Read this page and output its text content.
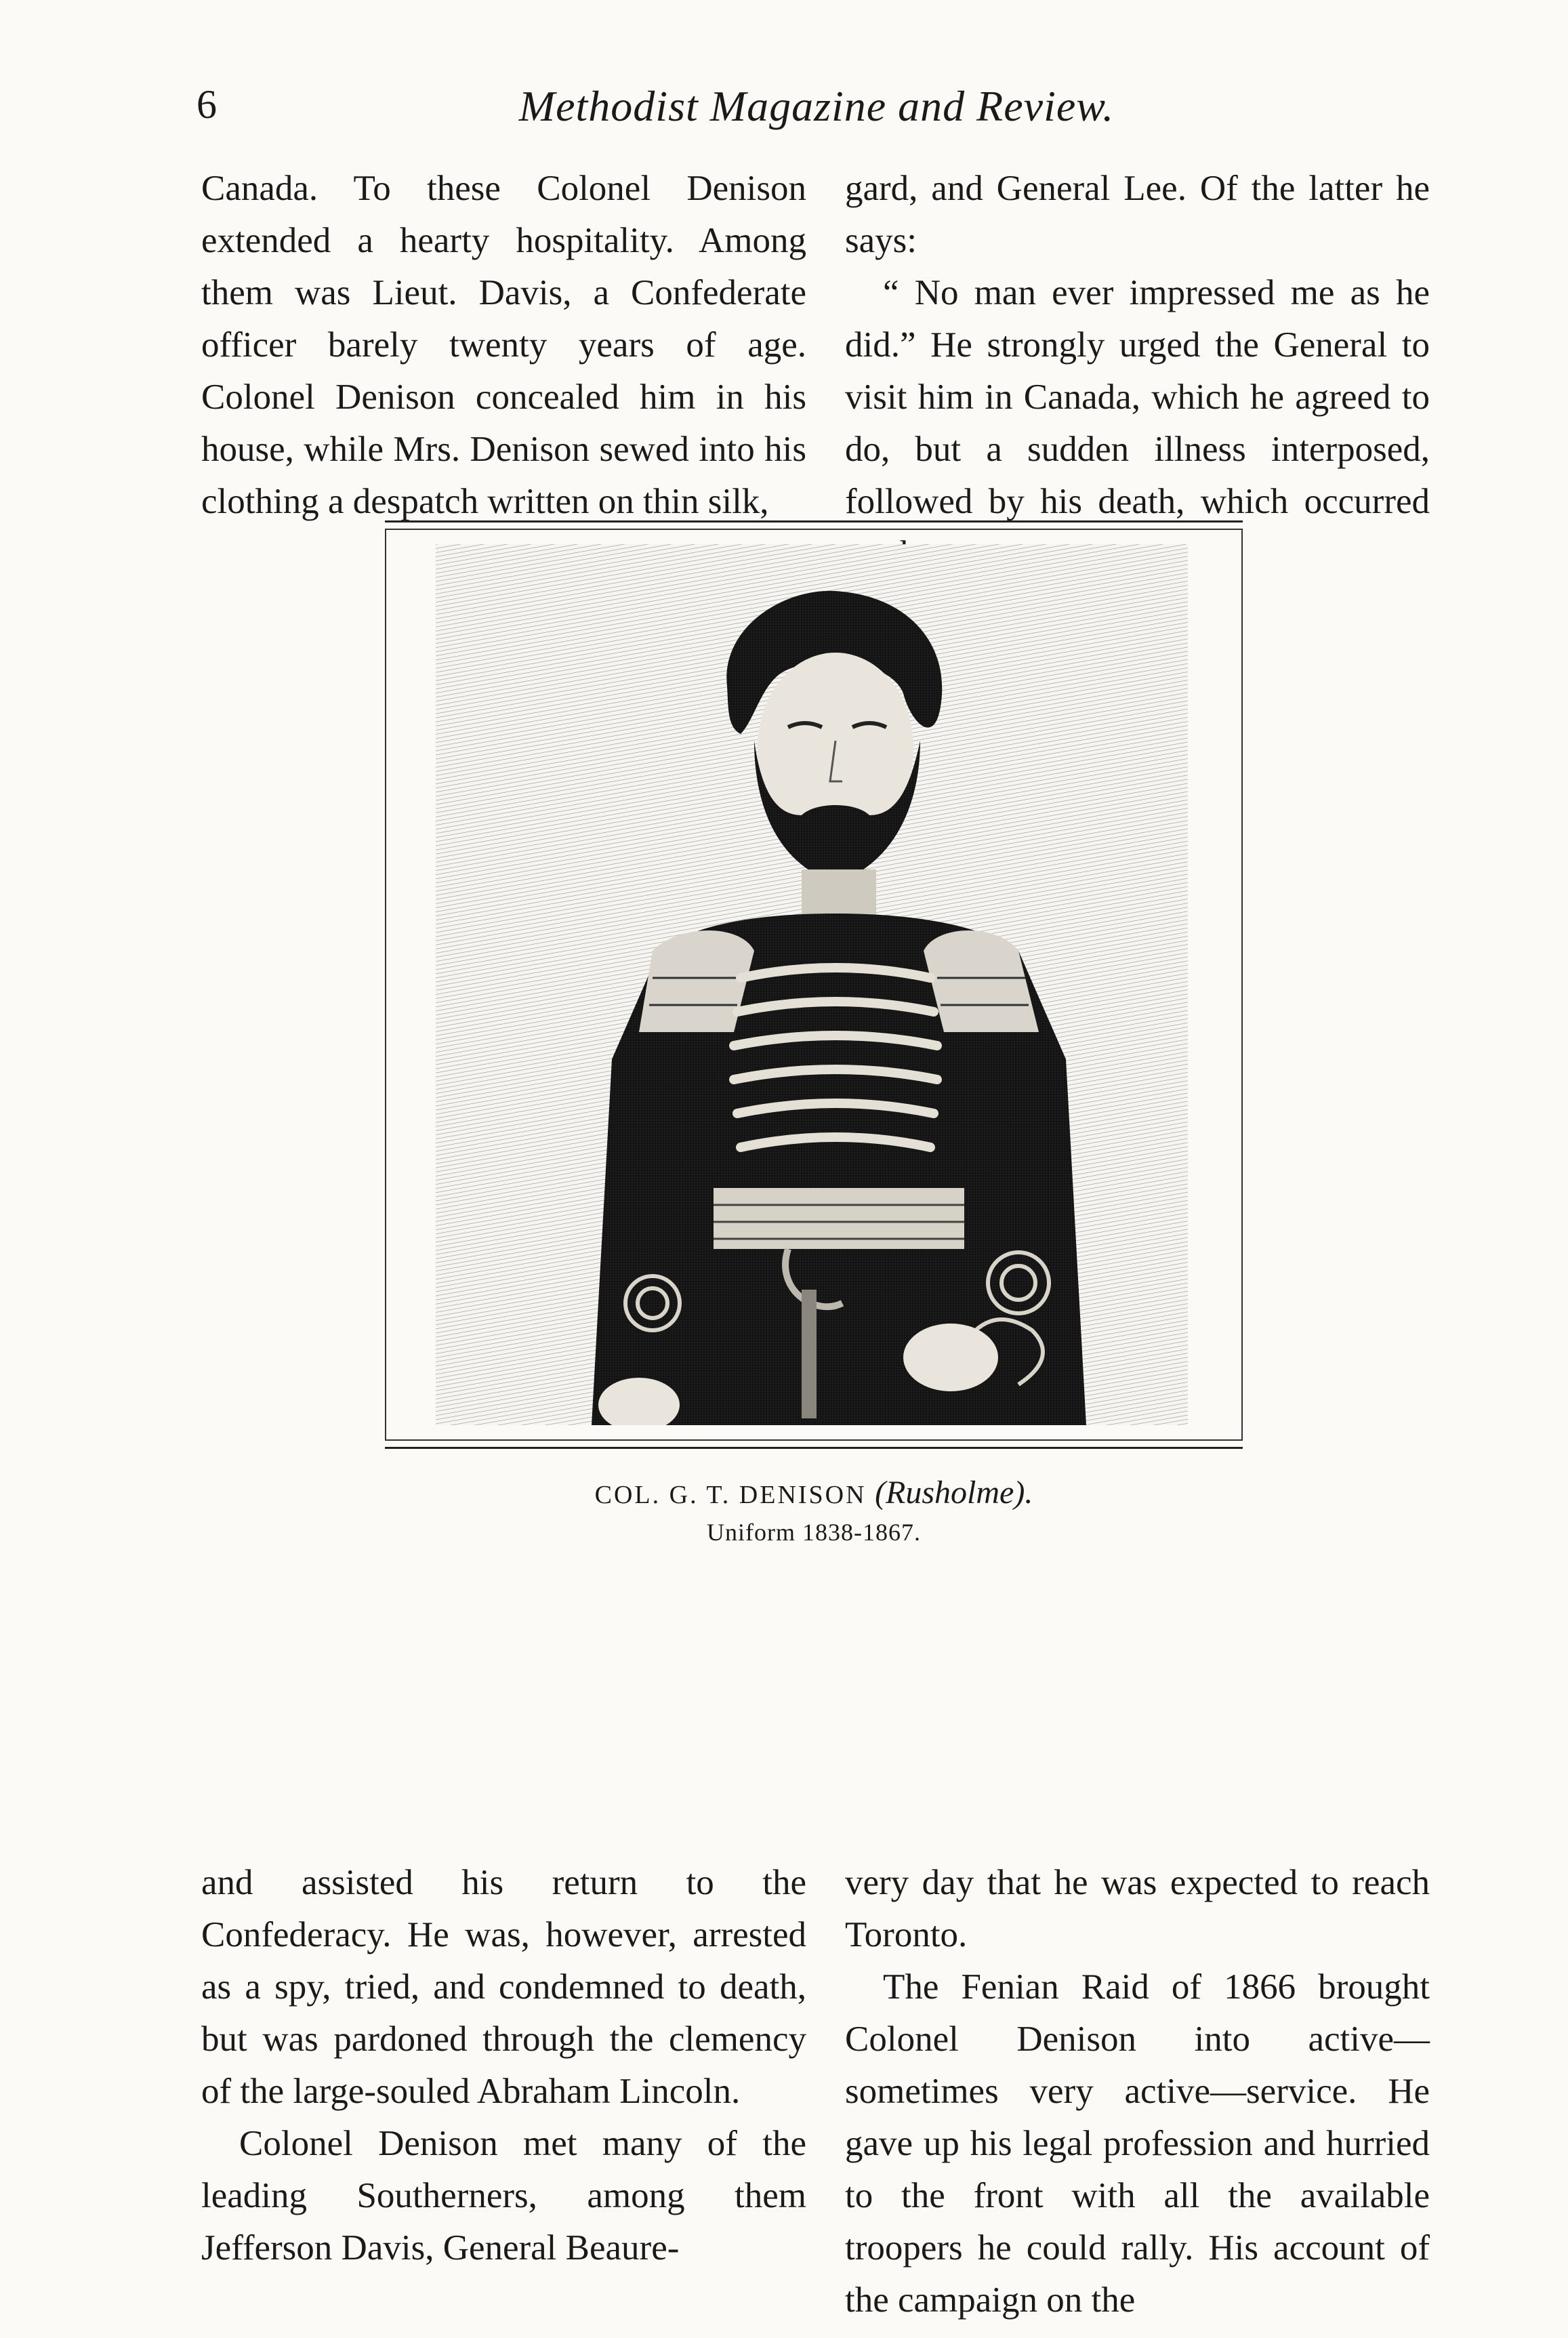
6	Methodist Magazine and Review.

Canada. To these Colonel Denison extended a hearty hospitality. Among them was Lieut. Davis, a Confederate officer barely twenty years of age. Colonel Denison concealed him in his house, while Mrs. Denison sewed into his clothing a despatch written on thin silk,

gard, and General Lee. Of the latter he says:

“ No man ever impressed me as he did.” He strongly urged the General to visit him in Canada, which he agreed to do, but a sudden illness interposed, followed by his death, which occurred

COL. G. T. DENISON (Rusholme).
Uniform 1838-1867.

and assisted his return to the Confederacy. He was, however, arrested as a spy, tried, and condemned to death, but was pardoned through the clemency of the large-souled Abraham Lincoln.

Colonel Denison met many of the leading Southerners, among them Jefferson Davis, General Beaure-

very day that he was expected to reach Toronto.

The Fenian Raid of 1866 brought Colonel Denison into active—sometimes very active—service. He gave up his legal profession and hurried to the front with all the available troopers he could rally. His account of the campaign on the
